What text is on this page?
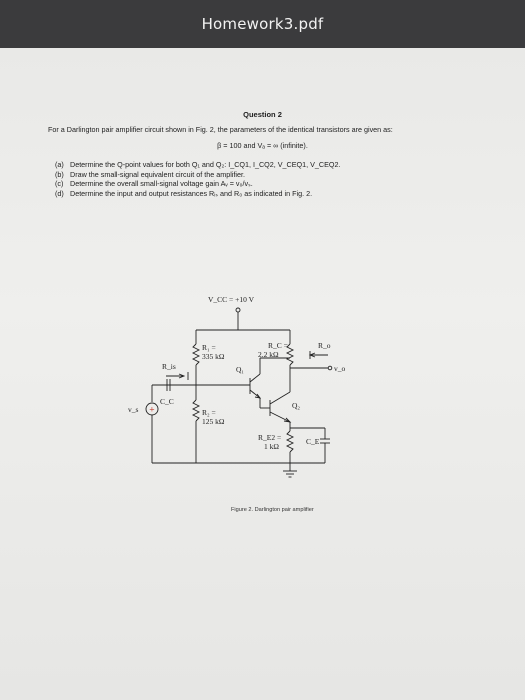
Homework3.pdf
Question 2
For a Darlington pair amplifier circuit shown in Fig. 2, the parameters of the identical transistors are given as:
β = 100 and Vₐ = ∞ (infinite).
(a) Determine the Q-point values for both Q₁ and Q₂: I_CQ1, I_CQ2, V_CEQ1, V_CEQ2.
(b) Draw the small-signal equivalent circuit of the amplifier.
(c) Determine the overall small-signal voltage gain Aᵥ = v₀/vₛ.
(d) Determine the input and output resistances Rᵢₛ and R₀ as indicated in Fig. 2.
V_CC = +10 V
R₁ =
335 kΩ
R_C =
2.2 kΩ
R_o
v_o
R_is
C_C
Q₁
Q₂
R₂ =
125 kΩ
R_E2 =
1 kΩ
C_E
v_s +
Figure 2. Darlington pair amplifier
